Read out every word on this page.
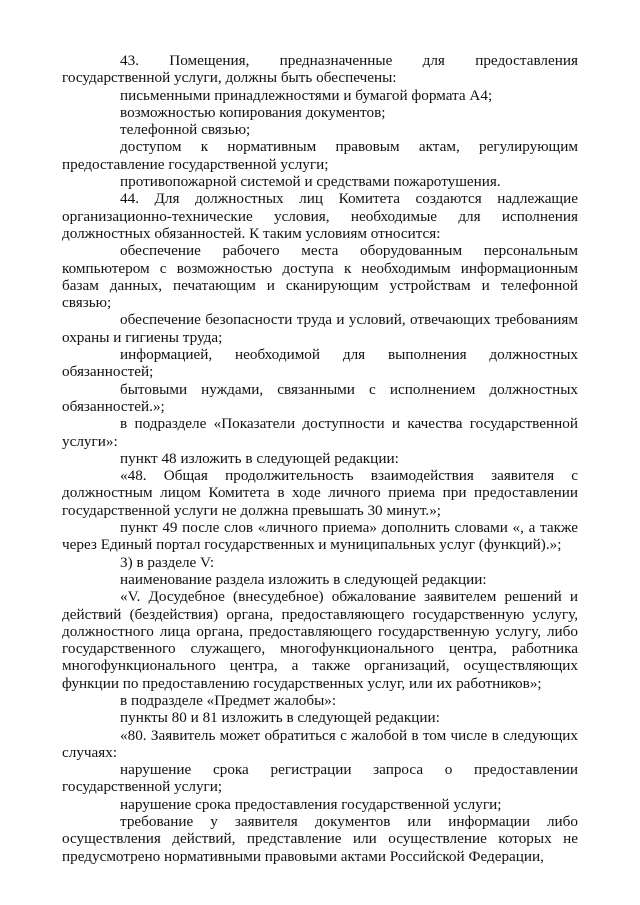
43.    Помещения,    предназначенные    для    предоставления государственной услуги, должны быть обеспечены:

письменными принадлежностями и бумагой формата А4;

возможностью копирования документов;

телефонной связью;

доступом к нормативным правовым актам, регулирующим предоставление государственной услуги;

противопожарной системой и средствами пожаротушения.

44. Для должностных лиц Комитета создаются надлежащие организационно-технические условия, необходимые для исполнения должностных обязанностей. К таким условиям относится:

обеспечение рабочего места оборудованным персональным компьютером с возможностью доступа к необходимым информационным базам данных, печатающим и сканирующим устройствам и телефонной связью;

обеспечение безопасности труда и условий, отвечающих требованиям охраны и гигиены труда;

информацией, необходимой для выполнения должностных обязанностей;

бытовыми нуждами, связанными с исполнением должностных обязанностей.»;

в подразделе «Показатели доступности и качества государственной услуги»:

пункт 48 изложить в следующей редакции:

«48. Общая продолжительность взаимодействия заявителя с должностным лицом Комитета в ходе личного приема при предоставлении государственной услуги не должна превышать 30 минут.»;

пункт 49 после слов «личного приема» дополнить словами «, а также через Единый портал государственных и муниципальных услуг (функций).»;

3) в разделе V:

наименование раздела изложить в следующей редакции:

«V. Досудебное (внесудебное) обжалование заявителем решений и действий (бездействия) органа, предоставляющего государственную услугу, должностного лица органа, предоставляющего государственную услугу, либо государственного служащего, многофункционального центра, работника многофункционального центра, а также организаций, осуществляющих функции по предоставлению государственных услуг, или их работников»;

в подразделе «Предмет жалобы»:

пункты 80 и 81 изложить в следующей редакции:

«80. Заявитель может обратиться с жалобой в том числе в следующих случаях:

нарушение срока регистрации запроса о предоставлении государственной услуги;

нарушение срока предоставления государственной услуги;

требование у заявителя документов или информации либо осуществления действий, представление или осуществление которых не предусмотрено нормативными правовыми актами Российской Федерации,
